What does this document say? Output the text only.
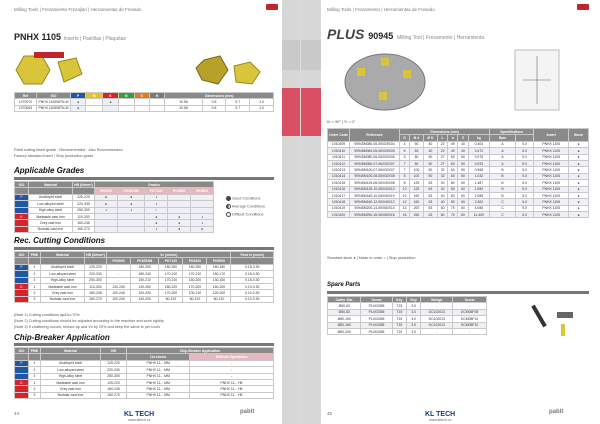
Milling Tools | Frezamiento Frezajlari | Herramientas de Fresado
PNHX 1105 Inserts | Pastillas | Plaquitas
Ref	ISO	P	M	K	N	S	H	Dimensions (mm)			
1070070	PNHX 110508TN-M	●		●				10.56	0.8	5.7	1.0
1070063	PNHX 110508TN-M	●						10.56	0.8	5.7	1.0
Pabit cutting insert grade · Recommended · Also Recommended
Factory standard insert / Stop production grade
Applicable Grades
ISO	Material	HB (N/mm²)	Grades				
			PK5000	PK5515M	PK7120	PK8420	PK9000
P	Unalloyed steel	125-220	●	●	◑		
	Low-alloyed steel	220-330	●	●	◑		
	High-alloy steel	250-300	◑	◑	○		
K	Malleable cast iron	110-330			●	●	◑
	Grey cast iron	160-245			●	●	◑
	Nodular cast iron	160-270			◑	●	●
Good Conditions
Average Conditions
Difficult Conditions
Rec. Cutting Conditions
ISO	PMK	Material	HB (N/mm²)	Vc (m/min)					Feed fz (mm/z)
				PK5000	PK5515M	PK7120	PK8420	PK9000	
P	1	Unalloyed steel	125-220	-	180-260	180-250	160-250	160-180	0.15-0.30
	2	Low-alloyed steel	220-330	-	180-240	170-210	170-210	150-170	0.15-0.30
	3	High-alloy steel	250-300	-	150-210	170-210	150-200	130-150	0.15-0.30
K	1	Malleable cast iron	110-330	130-240	120-260	180-220	170-200	160-200	0.10-0.30
	2	Grey cast iron	160-245	100-245	100-220	170-200	100-210	120-200	0.10-0.30
	3	Nodular cast iron	160-270	100-240	140-200	60-210	80-210	80-210	0.10-0.30
(Note 1) Cutting conditions ap/Dc=70%
(Note 2) Cutting conditions should be adjusted according to the machine and work rigidity
(Note 3) If chattering occurs, reduce ap and Vc by 20% and keep the same fz per tooth
Chip-Breaker Application
ISO	PMK	Material	HB	Chip-Breaker Application	
				1st choice	Difficult Operations
P	1	Unalloyed steel	125-220	PNHX 11... MM	-
	2	Low-alloyed steel	220-330	PNHX 11... MM	-
	3	High-alloy steel	250-300	PNHX 11... MM	-
K	1	Malleable cast iron	125-220	PNHX 11... MM	PNHX 11... HK
	2	Grey cast iron	160-245	PNHX 11... MM	PNHX 11... HK
	3	Nodular cast iron	160-270	PNHX 11... MM	PNHX 11... HK
44	KL TECH
www.kltech.cz
pabit
Milling Tools | Frezamiento | Herramientas de Fresado
PLUS 90945 Milling Tool | Fresamento | Herramienta
Kr = 90° | Tr = 0°
Order Code	Reference	Dimensions (mm)							Specifications		Insert	Stock
		D	Ø d	Ø D	L	a	Z	kg	Rpm			
1010409	90945M080-05-06/025X04	4	50	40	22	49	40	0.404	A	5.0	PNHX 1105	●
1010410	90945M063-05-06/025X05	5	63	40	22	49	40	0.472	A	5.0	PNHX 1105	●
1010411	90945M080-06-06/032X06	6	80	50	27	60	50	0.975	A	5.0	PNHX 1105	●
1010412	90945M080-07-06/032X07	7	80	50	27	60	50	0.933	A	5.0	PNHX 1105	●
1010413	90945M100-07-06/032X07	7	100	50	32	60	50	0.968	B	5.0	PNHX 1105	●
1010414	90945M100-08-06/032X08	8	100	50	32	60	50	1.032	B	5.0	PNHX 1105	●
1010415	90945M125-08-06/040X08	8	125	63	40	80	60	1.487	B	5.0	PNHX 1105	●
1010416	90945M125-10-06/040X10	10	125	63	40	80	60	1.652	B	5.0	PNHX 1105	●
1010417	90945M160-10-06/040X10	10	160	63	40	80	60	2.088	B	5.0	PNHX 1105	●
1010418	90945M160-12-06/040X12	12	160	63	40	80	60	2.362	C	5.0	PNHX 1105	●
1010419	90945M200-14-06/060X14	14	200	63	60	75	60	4.086	C	5.0	PNHX 1105	●
1010420	90945M250-16-06/060X16	16	250	63	60	75	60	11.400	C	5.0	PNHX 1105	●
Standard stock ● | Made to order ○ | Stop production
Spare Parts
Cutter Dia.	Screw	Key	Key	Wedge	Screw
Ø50-63	P14X0355	T15	3.0	-	-
Ø80-80	P14X0355	T15	3.0	DC102013	DCM06F08
Ø80-100	P14X0355	T15	3.0	DC102013	DCM08F10
Ø80-160	P14X0355	T15	3.0	DC102013	DCM08F10
Ø80-200	P14X0355	T15	3.0	-	-
45	KL TECH
www.kltech.cz
pabit
